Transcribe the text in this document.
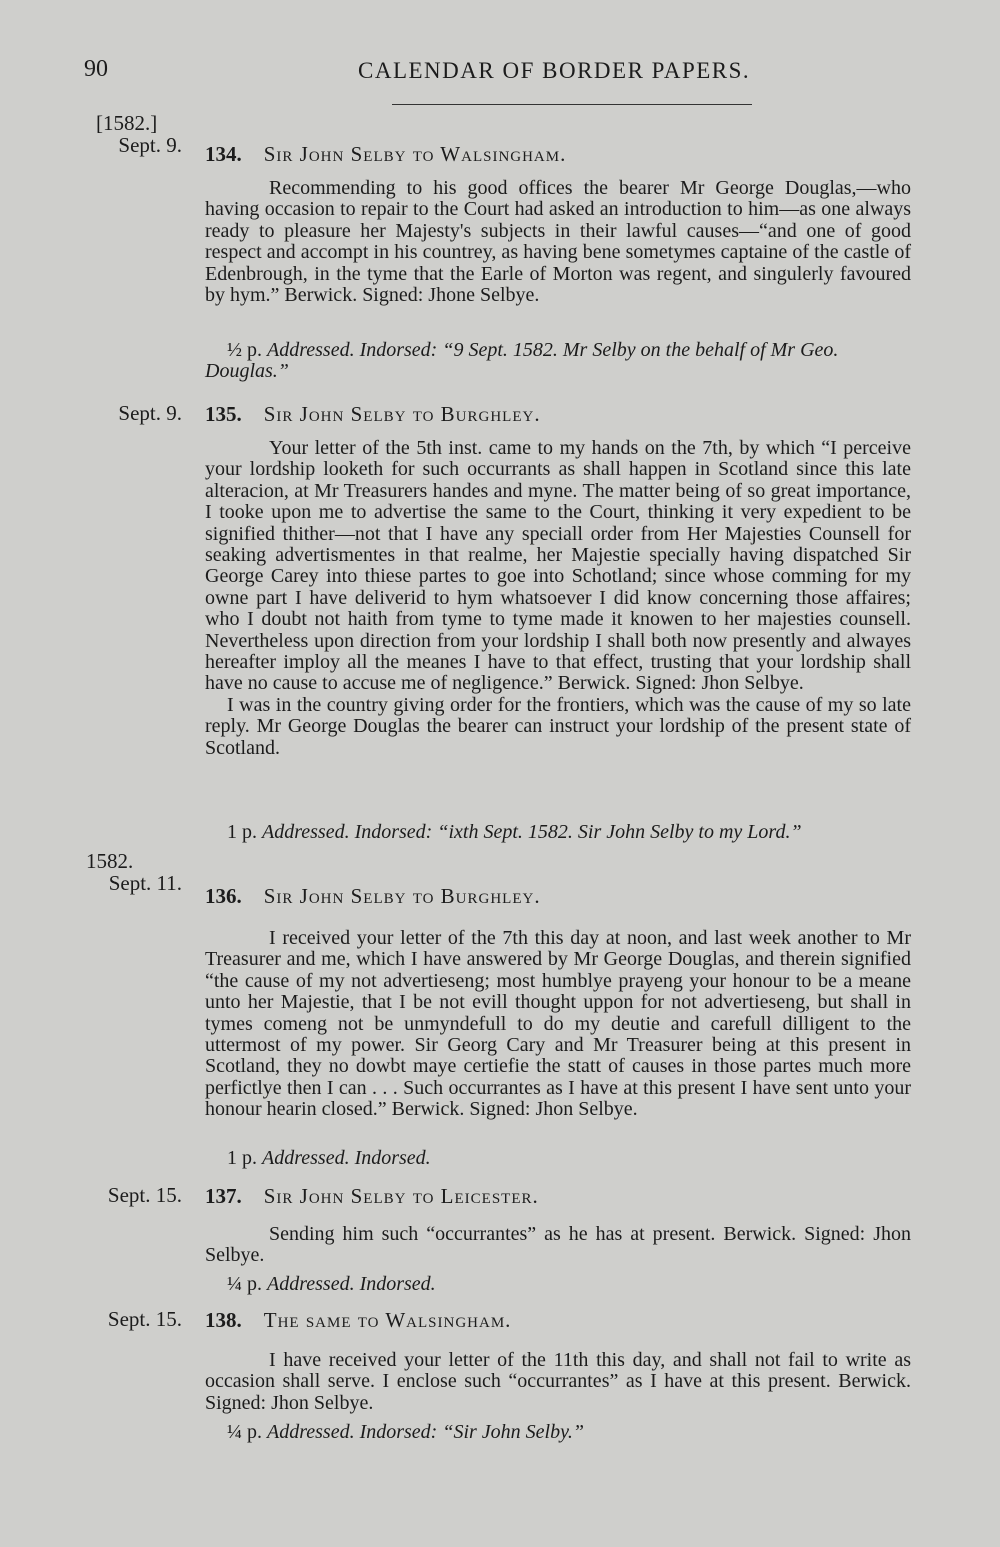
90	CALENDAR OF BORDER PAPERS.
[1582.]
Sept. 9. 134. Sir John Selby to Walsingham.

Recommending to his good offices the bearer Mr George Douglas,—who having occasion to repair to the Court had asked an introduction to him—as one always ready to pleasure her Majesty's subjects in their lawful causes—“and one of good respect and accompt in his countrey, as having bene sometymes captaine of the castle of Edenbrough, in the tyme that the Earle of Morton was regent, and singulerly favoured by hym.” Berwick. Signed: Jhone Selbye.

½ p. Addressed. Indorsed: “9 Sept. 1582. Mr Selby on the behalf of Mr Geo. Douglas.”
Sept. 9. 135. Sir John Selby to Burghley.

Your letter of the 5th inst. came to my hands on the 7th, by which “I perceive your lordship looketh for such occurrants as shall happen in Scotland since this late alteracion, at Mr Treasurers handes and myne. The matter being of so great importance, I tooke upon me to advertise the same to the Court, thinking it very expedient to be signified thither—not that I have any speciall order from Her Majesties Counsell for seaking advertismentes in that realme, her Majestie specially having dispatched Sir George Carey into thiese partes to goe into Schotland; since whose comming for my owne part I have deliverid to hym whatsoever I did know concerning those affaires; who I doubt not haith from tyme to tyme made it knowen to her majesties counsell. Nevertheless upon direction from your lordship I shall both now presently and alwayes hereafter imploy all the meanes I have to that effect, trusting that your lordship shall have no cause to accuse me of negligence.” Berwick. Signed: Jhon Selbye.

I was in the country giving order for the frontiers, which was the cause of my so late reply. Mr George Douglas the bearer can instruct your lordship of the present state of Scotland.

1 p. Addressed. Indorsed: “ixth Sept. 1582. Sir John Selby to my Lord.”
1582.
Sept. 11.
136. Sir John Selby to Burghley.

I received your letter of the 7th this day at noon, and last week another to Mr Treasurer and me, which I have answered by Mr George Douglas, and therein signified “the cause of my not advertieseng; most humblye prayeng your honour to be a meane unto her Majestie, that I be not evill thought uppon for not advertieseng, but shall in tymes comeng not be unmyndefull to do my deutie and carefull dilligent to the uttermost of my power. Sir Georg Cary and Mr Treasurer being at this present in Scotland, they no dowbt maye certiefie the statt of causes in those partes much more perfictlye then I can . . . Such occurrantes as I have at this present I have sent unto your honour hearin closed.” Berwick. Signed: Jhon Selbye.

1 p. Addressed. Indorsed.
Sept. 15. 137. Sir John Selby to Leicester.

Sending him such “occurrantes” as he has at present. Berwick. Signed: Jhon Selbye.

¼ p. Addressed. Indorsed.
Sept. 15. 138. The same to Walsingham.

I have received your letter of the 11th this day, and shall not fail to write as occasion shall serve. I enclose such “occurrantes” as I have at this present. Berwick. Signed: Jhon Selbye.

¼ p. Addressed. Indorsed: “Sir John Selby.”
